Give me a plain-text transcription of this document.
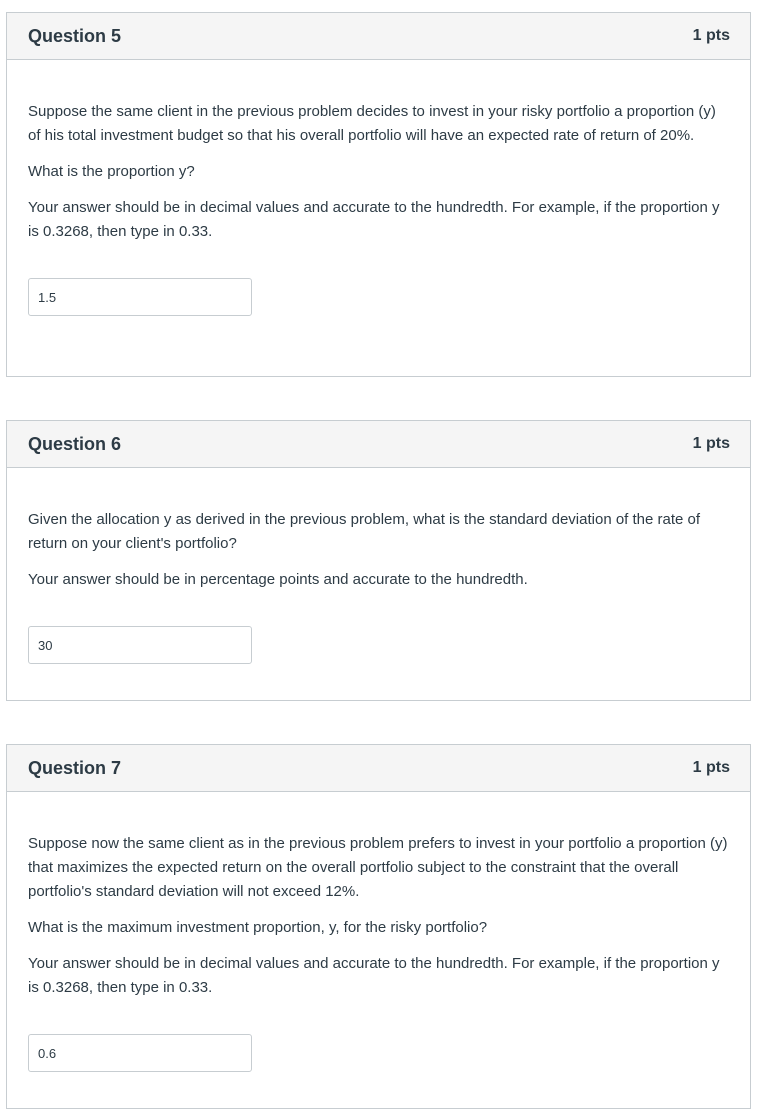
Question 5	1 pts

Suppose the same client in the previous problem decides to invest in your risky portfolio a proportion (y) of his total investment budget so that his overall portfolio will have an expected rate of return of 20%.

What is the proportion y?

Your answer should be in decimal values and accurate to the hundredth. For example, if the proportion y is 0.3268, then type in 0.33.

1.5
Question 6	1 pts

Given the allocation y as derived in the previous problem, what is the standard deviation of the rate of return on your client's portfolio?

Your answer should be in percentage points and accurate to the hundredth.

30
Question 7	1 pts

Suppose now the same client as in the previous problem prefers to invest in your portfolio a proportion (y) that maximizes the expected return on the overall portfolio subject to the constraint that the overall portfolio's standard deviation will not exceed 12%.

What is the maximum investment proportion, y, for the risky portfolio?

Your answer should be in decimal values and accurate to the hundredth. For example, if the proportion y is 0.3268, then type in 0.33.

0.6
